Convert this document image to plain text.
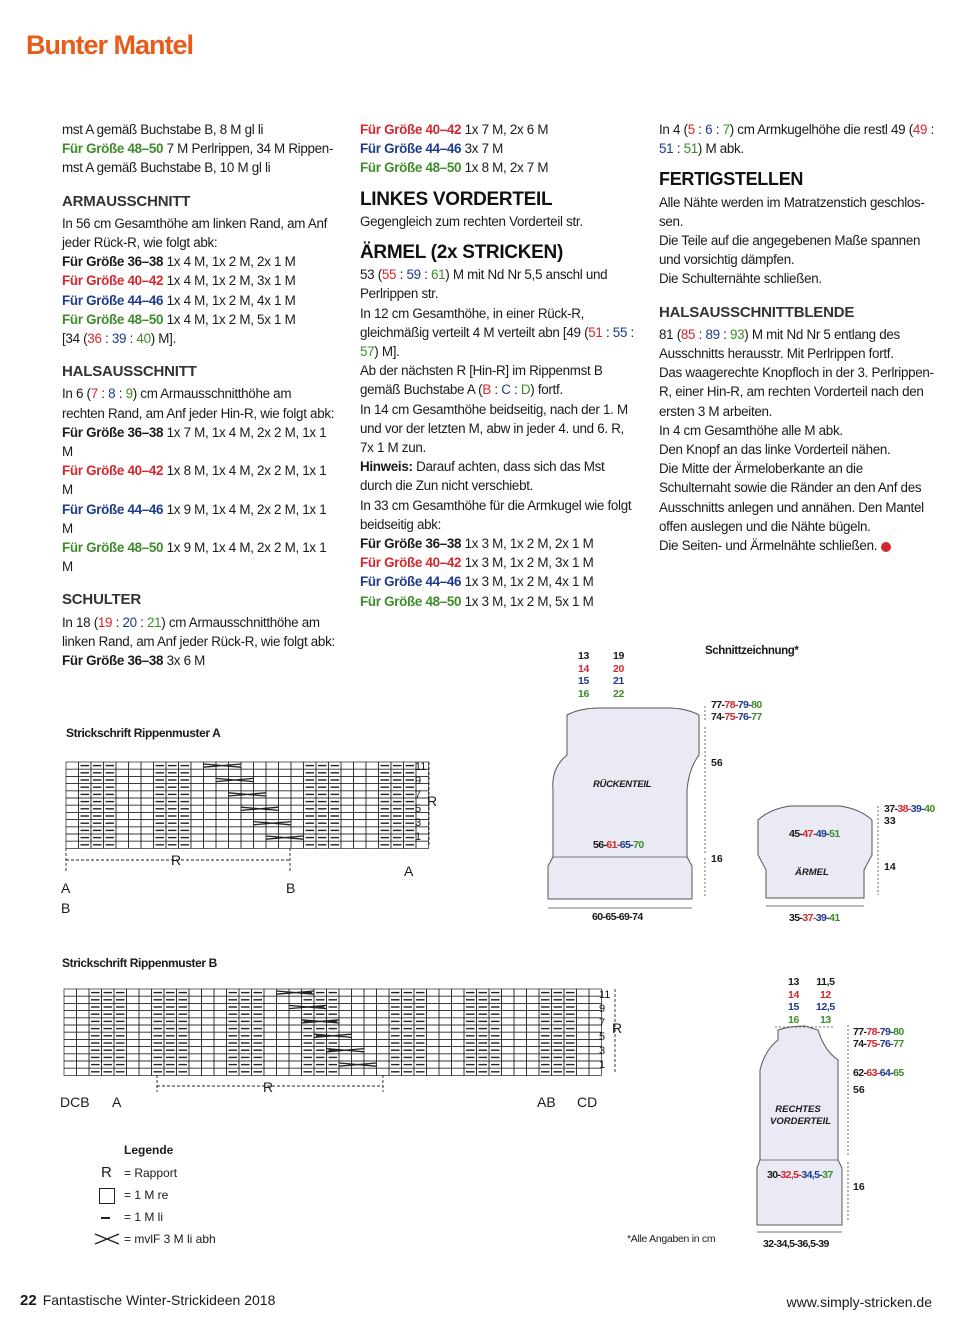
Bunter Mantel

mst A gemäß Buchstabe B, 8 M gl li

Für Größe 48–50 7 M Perlrippen, 34 M Rippen-

mst A gemäß Buchstabe B, 10 M gl li

ARMAUSSCHNITT

In 56 cm Gesamthöhe am linken Rand, am Anf jeder Rück-R, wie folgt abk:

Für Größe 36–38 1x 4 M, 1x 2 M, 2x 1 M

Für Größe 40–42 1x 4 M, 1x 2 M, 3x 1 M

Für Größe 44–46 1x 4 M, 1x 2 M, 4x 1 M

Für Größe 48–50 1x 4 M, 1x 2 M, 5x 1 M

[34 (36 : 39 : 40) M].

HALSAUSSCHNITT

In 6 (7 : 8 : 9) cm Armausschnitthöhe am rechten Rand, am Anf jeder Hin-R, wie folgt abk:

Für Größe 36–38 1x 7 M, 1x 4 M, 2x 2 M, 1x 1 M

Für Größe 40–42 1x 8 M, 1x 4 M, 2x 2 M, 1x 1 M

Für Größe 44–46 1x 9 M, 1x 4 M, 2x 2 M, 1x 1 M

Für Größe 48–50 1x 9 M, 1x 4 M, 2x 2 M, 1x 1 M

SCHULTER

In 18 (19 : 20 : 21) cm Armausschnitthöhe am linken Rand, am Anf jeder Rück-R, wie folgt abk:

Für Größe 36–38 3x 6 M

Für Größe 40–42 1x 7 M, 2x 6 M

Für Größe 44–46 3x 7 M

Für Größe 48–50 1x 8 M, 2x 7 M

LINKES VORDERTEIL

Gegengleich zum rechten Vorderteil str.

ÄRMEL (2x STRICKEN)

53 (55 : 59 : 61) M mit Nd Nr 5,5 anschl und Perlrippen str.

In 12 cm Gesamthöhe, in einer Rück-R, gleichmäßig verteilt 4 M verteilt abn [49 (51 : 55 : 57) M].

Ab der nächsten R [Hin-R] im Rippenmst B gemäß Buchstabe A (B : C : D) fortf.

In 14 cm Gesamthöhe beidseitig, nach der 1. M und vor der letzten M, abw in jeder 4. und 6. R, 7x 1 M zun.

Hinweis: Darauf achten, dass sich das Mst durch die Zun nicht verschiebt.

In 33 cm Gesamthöhe für die Armkugel wie folgt beidseitig abk:

Für Größe 36–38 1x 3 M, 1x 2 M, 2x 1 M

Für Größe 40–42 1x 3 M, 1x 2 M, 3x 1 M

Für Größe 44–46 1x 3 M, 1x 2 M, 4x 1 M

Für Größe 48–50 1x 3 M, 1x 2 M, 5x 1 M

In 4 (5 : 6 : 7) cm Armkugelhöhe die restl 49 (49 : 51 : 51) M abk.

FERTIGSTELLEN

Alle Nähte werden im Matratzenstich geschlos-

sen.

Die Teile auf die angegebenen Maße spannen

und vorsichtig dämpfen.

Die Schulternähte schließen.

HALSAUSSCHNITTBLENDE

81 (85 : 89 : 93) M mit Nd Nr 5 entlang des Ausschnitts herausstr. Mit Perlrippen fortf.

Das waagerechte Knopfloch in der 3. Perlrippen-R, einer Hin-R, am rechten Vorderteil nach den ersten 3 M arbeiten.

In 4 cm Gesamthöhe alle M abk.

Den Knopf an das linke Vorderteil nähen.

Die Mitte der Ärmeloberkante an die Schulternaht sowie die Ränder an den Anf des Ausschnitts anlegen und annähen. Den Mantel offen auslegen und die Nähte bügeln.

Die Seiten- und Ärmelnähte schließen.

Strickschrift Rippenmuster A
11
9
7
5
3
1
R
R
A
B
B
A
Strickschrift Rippenmuster B
11
9
7
5
3
1
R
R
DCB A	AB CD
Legende
R = Rapport
= 1 M re
= 1 M li
= mvlF 3 M li abh
Schnittzeichnung*
13
14
15
16
19
20
21
22
77-78-79-80
74-75-76-77
56
RÜCKENTEIL
56-61-65-70
16
60-65-69-74
45-47-49-51
37-38-39-40
33
14
ÄRMEL
35-37-39-41
13
14
15
16
11,5
12
12,5
13
77-78-79-80
74-75-76-77
62-63-64-65
56
RECHTES
VORDERTEIL
30-32,5-34,5-37
16
32-34,5-36,5-39
*Alle Angaben in cm
22 Fantastische Winter-Strickideen 2018	www.simply-stricken.de
